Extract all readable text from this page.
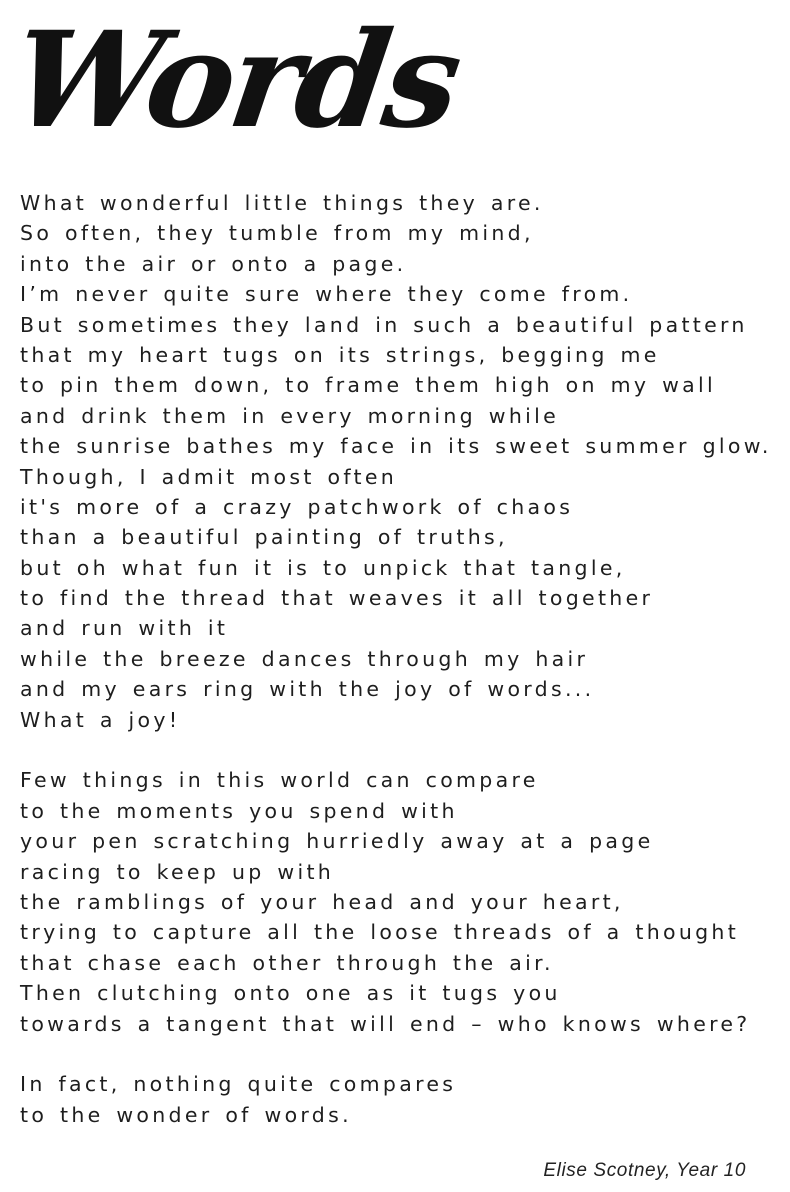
Words
What wonderful little things they are.
So often, they tumble from my mind,
into the air or onto a page.
I’m never quite sure where they come from.
But sometimes they land in such a beautiful pattern
that my heart tugs on its strings, begging me
to pin them down, to frame them high on my wall
and drink them in every morning while
the sunrise bathes my face in its sweet summer glow.
Though, I admit most often
it's more of a crazy patchwork of chaos
than a beautiful painting of truths,
but oh what fun it is to unpick that tangle,
to find the thread that weaves it all together
and run with it
while the breeze dances through my hair
and my ears ring with the joy of words...
What a joy!
Few things in this world can compare
to the moments you spend with
your pen scratching hurriedly away at a page
racing to keep up with
the ramblings of your head and your heart,
trying to capture all the loose threads of a thought
that chase each other through the air.
Then clutching onto one as it tugs you
towards a tangent that will end – who knows where?
In fact, nothing quite compares
to the wonder of words.
Elise Scotney, Year 10
